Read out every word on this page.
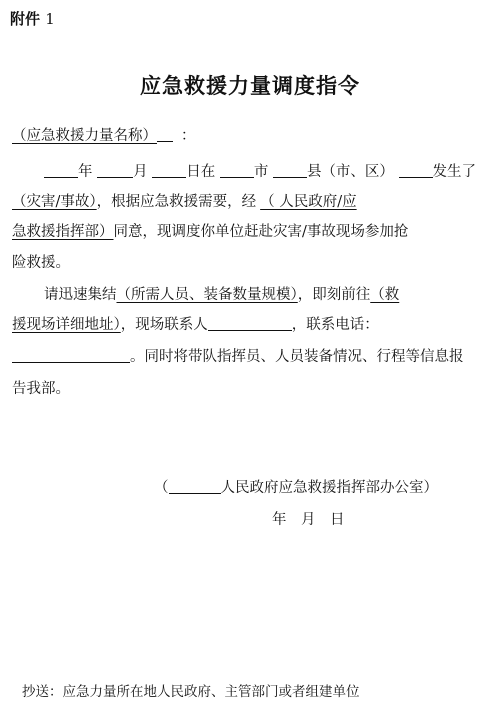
附件 1
应急救援力量调度指令
（应急救援力量名称） ：
年	月	日在	市	县（市、区）	发生了
（灾害/事故），根据应急救援需要，经 （ 人民政府/应
急救援指挥部）同意，现调度你单位赶赴灾害/事故现场参加抢
险救援。
请迅速集结（所需人员、装备数量规模），即刻前往（救
援现场详细地址），现场联系人	，联系电话：
。同时将带队指挥员、人员装备情况、行程等信息报
告我部。
（	人民政府应急救援指挥部办公室）
年　月　日
抄送：应急力量所在地人民政府、主管部门或者组建单位
